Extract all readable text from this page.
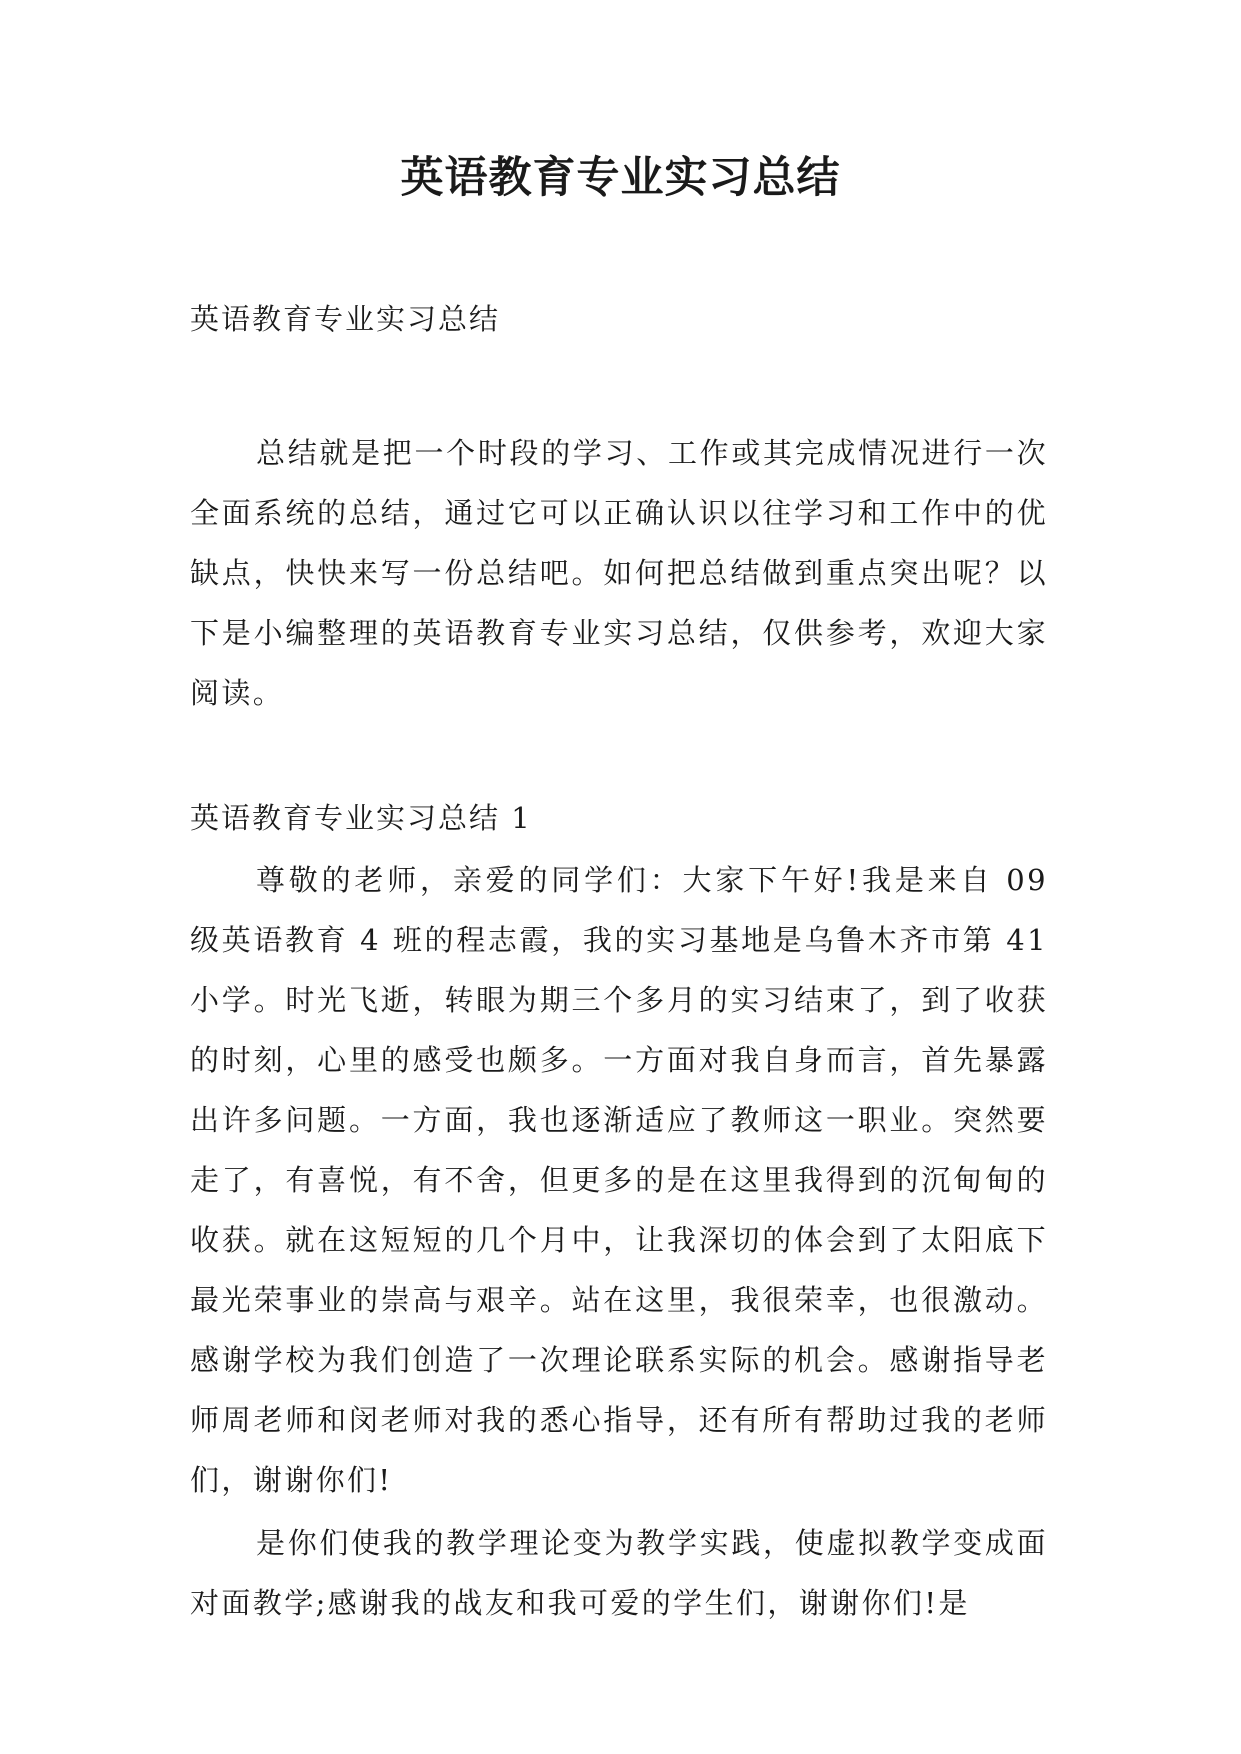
英语教育专业实习总结

英语教育专业实习总结

总结就是把一个时段的学习、工作或其完成情况进行一次全面系统的总结，通过它可以正确认识以往学习和工作中的优缺点，快快来写一份总结吧。如何把总结做到重点突出呢？以下是小编整理的英语教育专业实习总结，仅供参考，欢迎大家阅读。

英语教育专业实习总结 1

尊敬的老师，亲爱的同学们：大家下午好!我是来自 09 级英语教育 4 班的程志霞，我的实习基地是乌鲁木齐市第 41 小学。时光飞逝，转眼为期三个多月的实习结束了，到了收获的时刻，心里的感受也颇多。一方面对我自身而言，首先暴露出许多问题。一方面，我也逐渐适应了教师这一职业。突然要走了，有喜悦，有不舍，但更多的是在这里我得到的沉甸甸的收获。就在这短短的几个月中，让我深切的体会到了太阳底下最光荣事业的崇高与艰辛。站在这里，我很荣幸，也很激动。感谢学校为我们创造了一次理论联系实际的机会。感谢指导老师周老师和闵老师对我的悉心指导，还有所有帮助过我的老师们，谢谢你们!

是你们使我的教学理论变为教学实践，使虚拟教学变成面对面教学;感谢我的战友和我可爱的学生们，谢谢你们!是
